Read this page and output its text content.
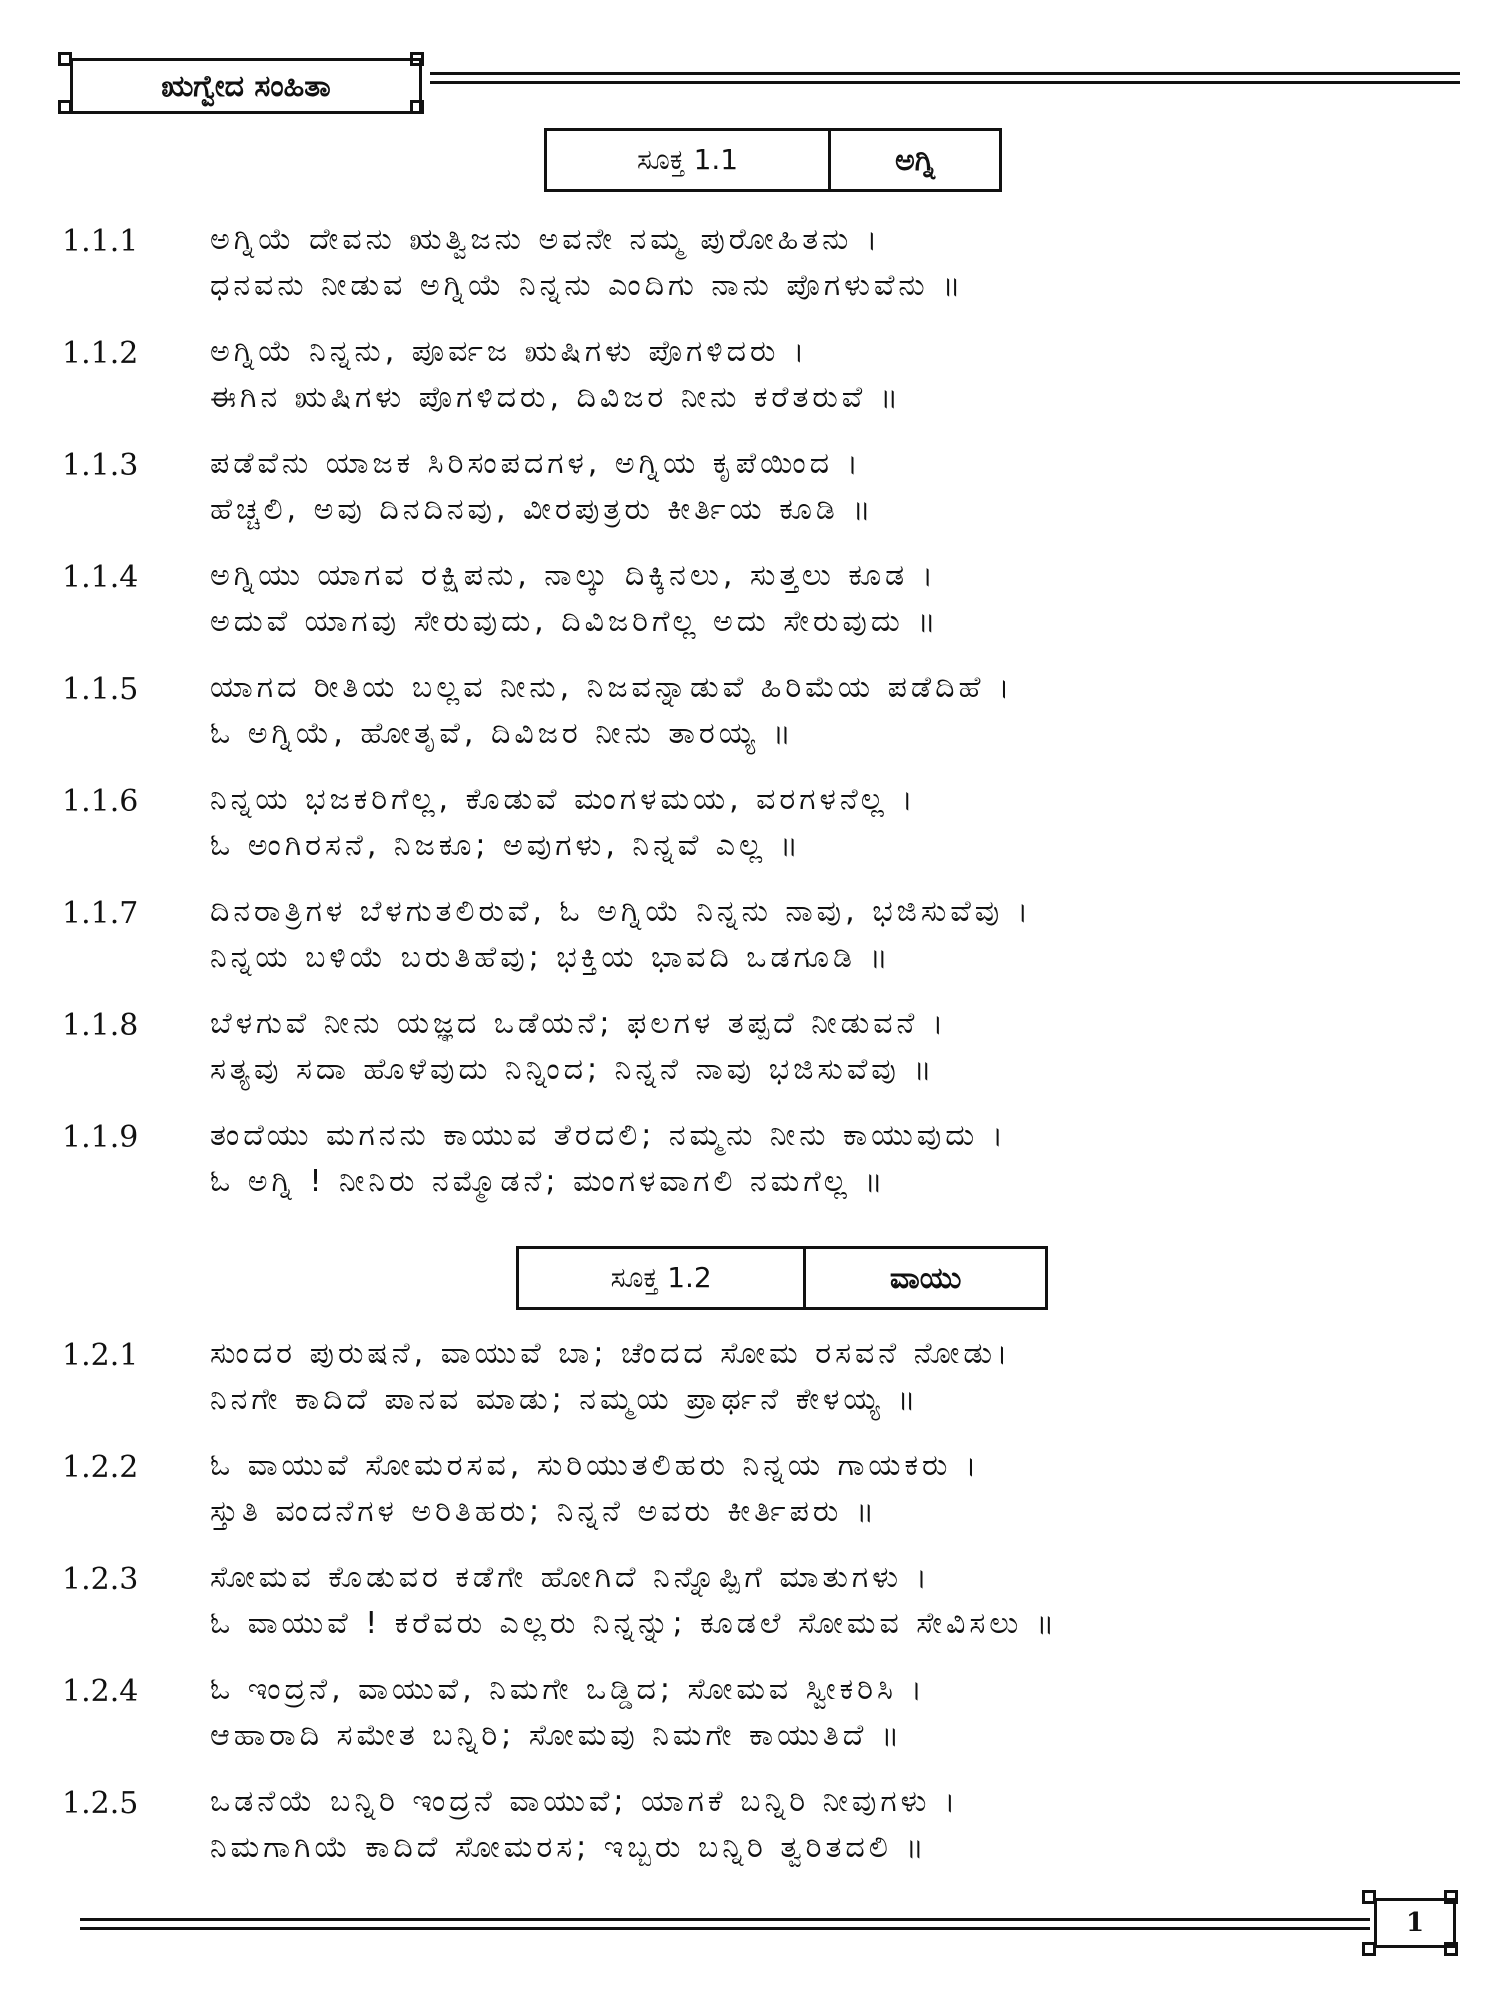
ಋಗ್ವೇದ ಸಂಹಿತಾ
ಸೂಕ್ತ 1.1	ಅಗ್ನಿ
1.1.1 ಅಗ್ನಿಯೆ ದೇವನು ಋತ್ವಿಜನು ಅವನೇ ನಮ್ಮ ಪುರೋಹಿತನು ।
ಧನವನು ನೀಡುವ ಅಗ್ನಿಯೆ ನಿನ್ನನು ಎಂದಿಗು ನಾನು ಪೊಗಳುವೆನು ॥
1.1.2 ಅಗ್ನಿಯೆ ನಿನ್ನನು, ಪೂರ್ವಜ ಋಷಿಗಳು ಪೊಗಳಿದರು ।
ಈಗಿನ ಋಷಿಗಳು ಪೊಗಳಿದರು, ದಿವಿಜರ ನೀನು ಕರೆತರುವೆ ॥
1.1.3 ಪಡೆವೆನು ಯಾಜಕ ಸಿರಿಸಂಪದಗಳ, ಅಗ್ನಿಯ ಕೃಪೆಯಿಂದ ।
ಹೆಚ್ಚಲಿ, ಅವು ದಿನದಿನವು, ವೀರಪುತ್ರರು ಕೀರ್ತಿಯ ಕೂಡಿ ॥
1.1.4 ಅಗ್ನಿಯು ಯಾಗವ ರಕ್ಷಿಪನು, ನಾಲ್ಕು ದಿಕ್ಕಿನಲು, ಸುತ್ತಲು ಕೂಡ ।
ಅದುವೆ ಯಾಗವು ಸೇರುವುದು, ದಿವಿಜರಿಗೆಲ್ಲ ಅದು ಸೇರುವುದು ॥
1.1.5 ಯಾಗದ ರೀತಿಯ ಬಲ್ಲವ ನೀನು, ನಿಜವನ್ನಾಡುವೆ ಹಿರಿಮೆಯ ಪಡೆದಿಹೆ ।
ಓ ಅಗ್ನಿಯೆ, ಹೋತೃವೆ, ದಿವಿಜರ ನೀನು ತಾರಯ್ಯ ॥
1.1.6 ನಿನ್ನಯ ಭಜಕರಿಗೆಲ್ಲ, ಕೊಡುವೆ ಮಂಗಳಮಯ, ವರಗಳನೆಲ್ಲ ।
ಓ ಅಂಗಿರಸನೆ, ನಿಜಕೂ; ಅವುಗಳು, ನಿನ್ನವೆ ಎಲ್ಲ ॥
1.1.7 ದಿನರಾತ್ರಿಗಳ ಬೆಳಗುತಲಿರುವೆ, ಓ ಅಗ್ನಿಯೆ ನಿನ್ನನು ನಾವು, ಭಜಿಸುವೆವು ।
ನಿನ್ನಯ ಬಳಿಯೆ ಬರುತಿಹೆವು; ಭಕ್ತಿಯ ಭಾವದಿ ಒಡಗೂಡಿ ॥
1.1.8 ಬೆಳಗುವೆ ನೀನು ಯಜ್ಞದ ಒಡೆಯನೆ; ಫಲಗಳ ತಪ್ಪದೆ ನೀಡುವನೆ ।
ಸತ್ಯವು ಸದಾ ಹೊಳೆವುದು ನಿನ್ನಿಂದ; ನಿನ್ನನೆ ನಾವು ಭಜಿಸುವೆವು ॥
1.1.9 ತಂದೆಯು ಮಗನನು ಕಾಯುವ ತೆರದಲಿ; ನಮ್ಮನು ನೀನು ಕಾಯುವುದು ।
ಓ ಅಗ್ನಿ ! ನೀನಿರು ನಮ್ಮೊಡನೆ; ಮಂಗಳವಾಗಲಿ ನಮಗೆಲ್ಲ ॥
ಸೂಕ್ತ 1.2	ವಾಯು
1.2.1 ಸುಂದರ ಪುರುಷನೆ, ವಾಯುವೆ ಬಾ; ಚೆಂದದ ಸೋಮ ರಸವನೆ ನೋಡು।
ನಿನಗೇ ಕಾದಿದೆ ಪಾನವ ಮಾಡು; ನಮ್ಮಯ ಪ್ರಾರ್ಥನೆ ಕೇಳಯ್ಯ ॥
1.2.2 ಓ ವಾಯುವೆ ಸೋಮರಸವ, ಸುರಿಯುತಲಿಹರು ನಿನ್ನಯ ಗಾಯಕರು ।
ಸ್ತುತಿ ವಂದನೆಗಳ ಅರಿತಿಹರು; ನಿನ್ನನೆ ಅವರು ಕೀರ್ತಿಪರು ॥
1.2.3 ಸೋಮವ ಕೊಡುವರ ಕಡೆಗೇ ಹೋಗಿದೆ ನಿನ್ನೊಪ್ಪಿಗೆ ಮಾತುಗಳು ।
ಓ ವಾಯುವೆ ! ಕರೆವರು ಎಲ್ಲರು ನಿನ್ನನ್ನು; ಕೂಡಲೆ ಸೋಮವ ಸೇವಿಸಲು ॥
1.2.4 ಓ ಇಂದ್ರನೆ, ವಾಯುವೆ, ನಿಮಗೇ ಒಡ್ಡಿದ; ಸೋಮವ ಸ್ವೀಕರಿಸಿ ।
ಆಹಾರಾದಿ ಸಮೇತ ಬನ್ನಿರಿ; ಸೋಮವು ನಿಮಗೇ ಕಾಯುತಿದೆ ॥
1.2.5 ಒಡನೆಯೆ ಬನ್ನಿರಿ ಇಂದ್ರನೆ ವಾಯುವೆ; ಯಾಗಕೆ ಬನ್ನಿರಿ ನೀವುಗಳು ।
ನಿಮಗಾಗಿಯೆ ಕಾದಿದೆ ಸೋಮರಸ; ಇಬ್ಬರು ಬನ್ನಿರಿ ತ್ವರಿತದಲಿ ॥
1
